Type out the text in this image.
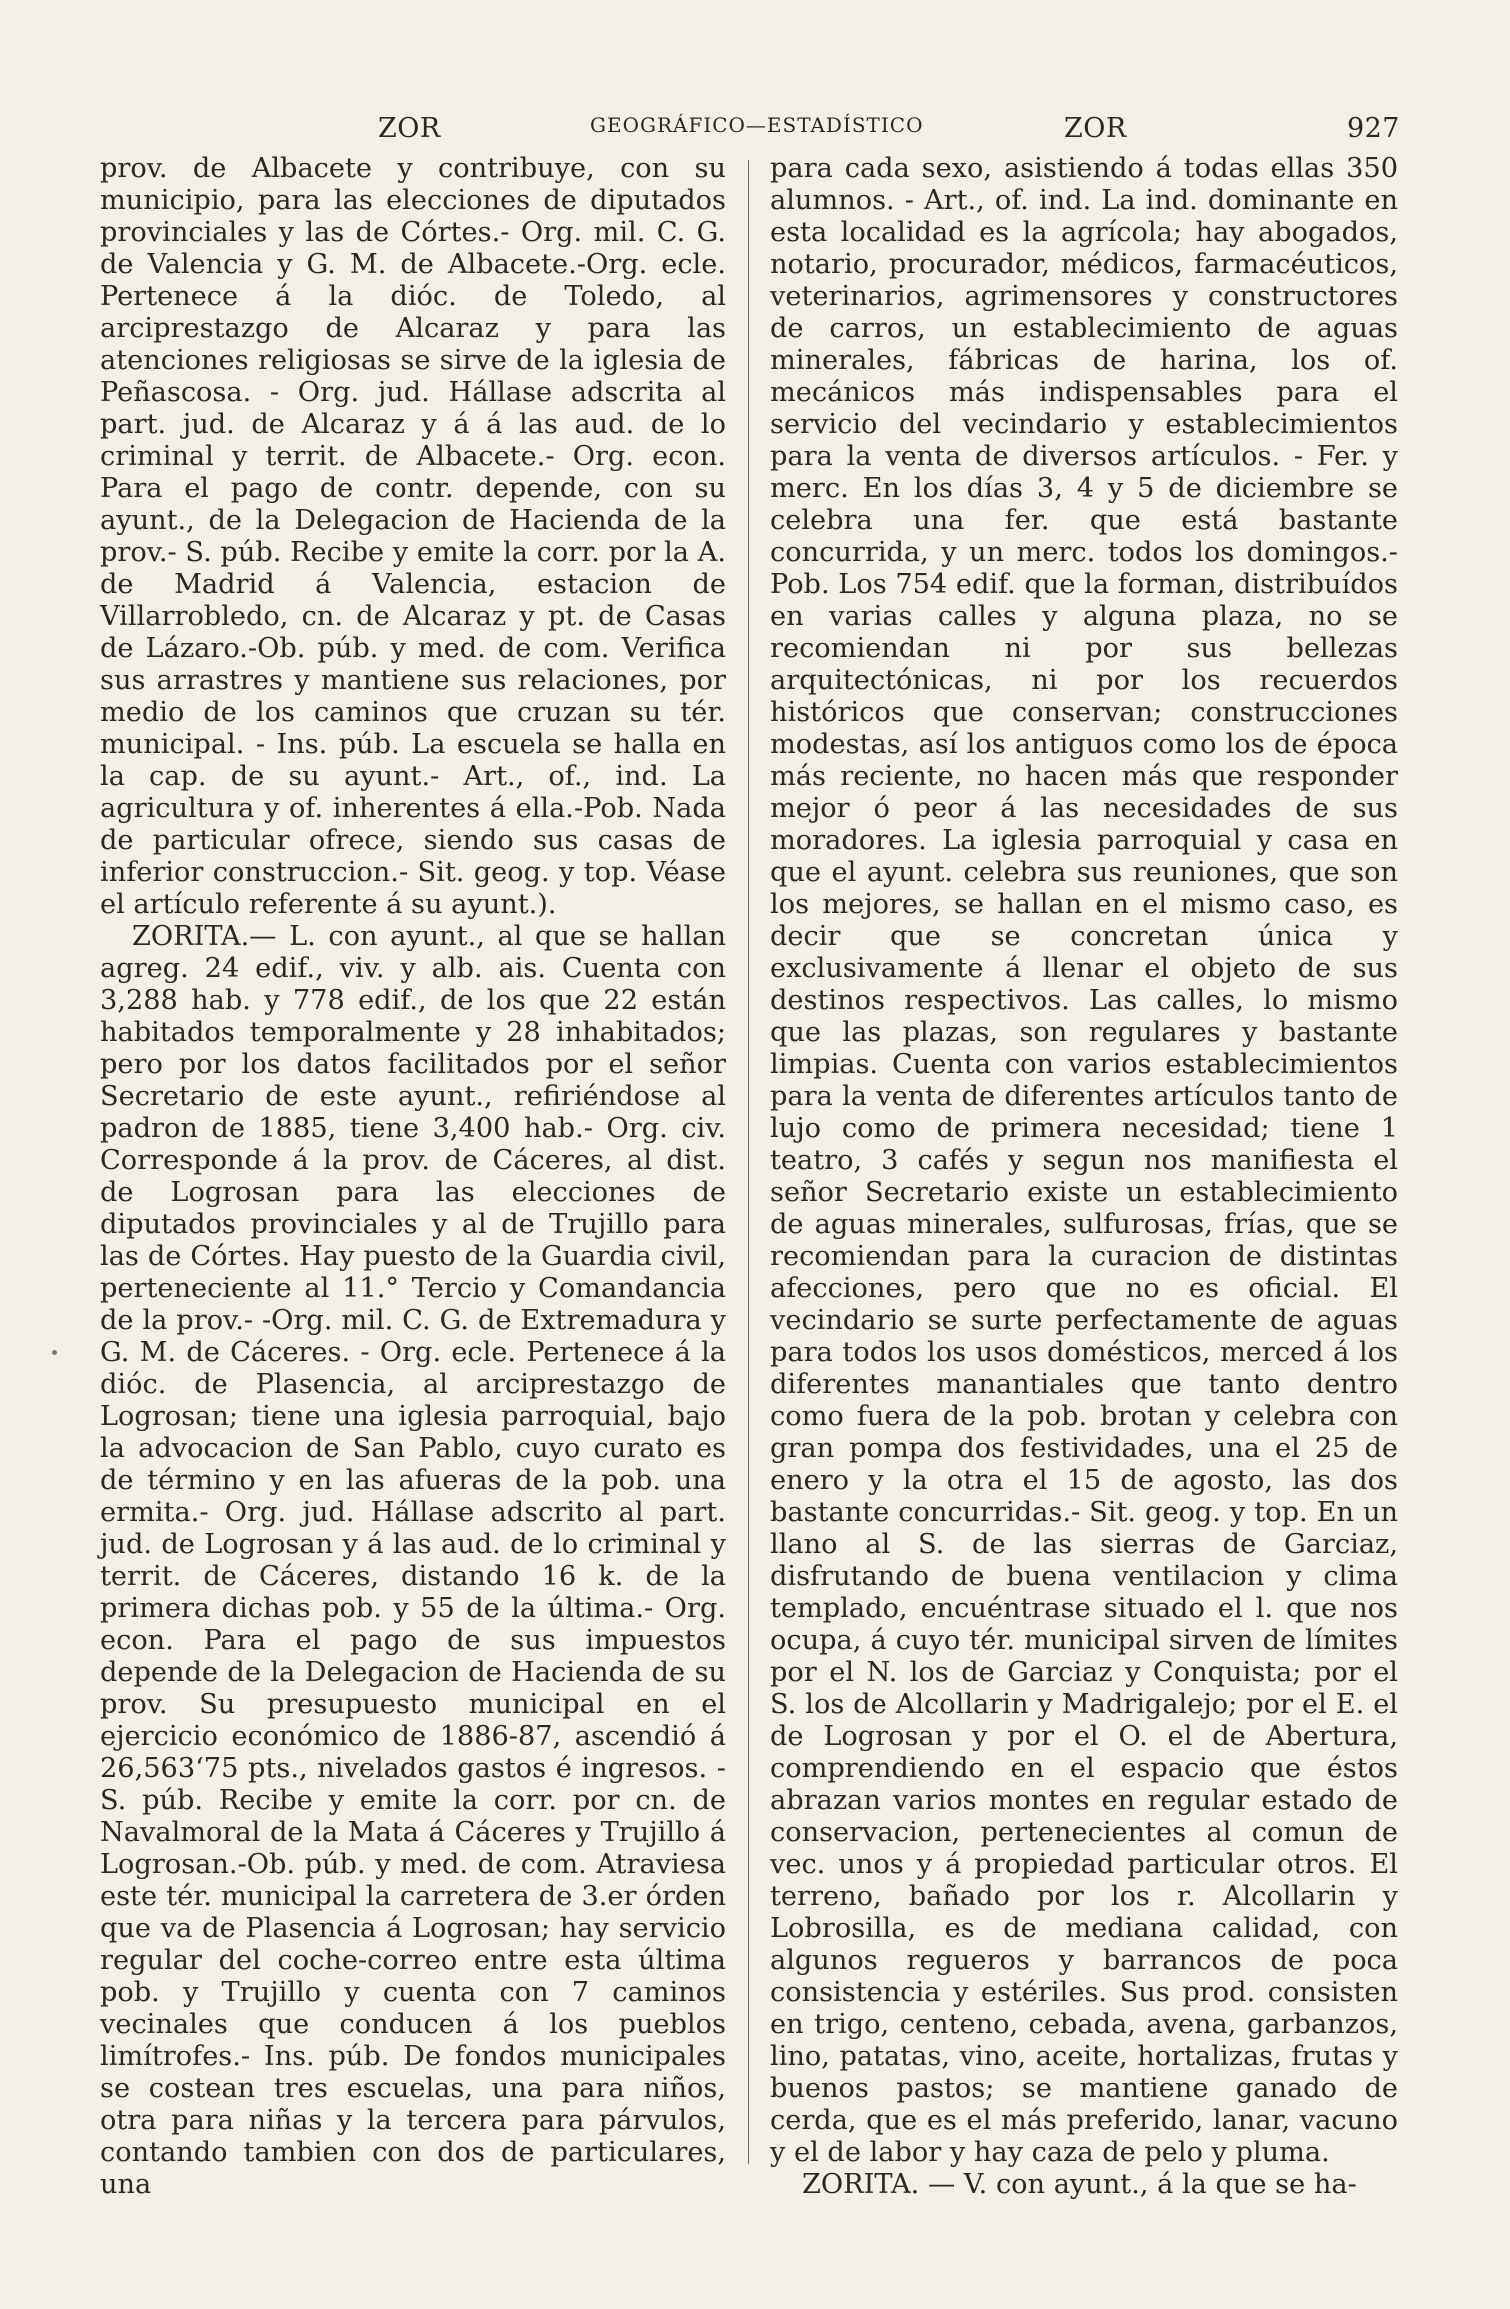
ZOR	GEOGRÁFICO—ESTADÍSTICO	ZOR	927

prov. de Albacete y contribuye, con su municipio, para las elecciones de diputados provinciales y las de Córtes.- Org. mil. C. G. de Valencia y G. M. de Albacete.-Org. ecle. Pertenece á la dióc. de Toledo, al arciprestazgo de Alcaraz y para las atenciones religiosas se sirve de la iglesia de Peñascosa. - Org. jud. Hállase adscrita al part. jud. de Alcaraz y á á las aud. de lo criminal y territ. de Albacete.- Org. econ. Para el pago de contr. depende, con su ayunt., de la Delegacion de Hacienda de la prov.- S. púb. Recibe y emite la corr. por la A. de Madrid á Valencia, estacion de Villarrobledo, cn. de Alcaraz y pt. de Casas de Lázaro.-Ob. púb. y med. de com. Verifica sus arrastres y mantiene sus relaciones, por medio de los caminos que cruzan su tér. municipal. - Ins. púb. La escuela se halla en la cap. de su ayunt.- Art., of., ind. La agricultura y of. inherentes á ella.-Pob. Nada de particular ofrece, siendo sus casas de inferior construccion.- Sit. geog. y top. Véase el artículo referente á su ayunt.).

ZORITA.— L. con ayunt., al que se hallan agreg. 24 edif., viv. y alb. ais. Cuenta con 3,288 hab. y 778 edif., de los que 22 están habitados temporalmente y 28 inhabitados; pero por los datos facilitados por el señor Secretario de este ayunt., refiriéndose al padron de 1885, tiene 3,400 hab.- Org. civ. Corresponde á la prov. de Cáceres, al dist. de Logrosan para las elecciones de diputados provinciales y al de Trujillo para las de Córtes. Hay puesto de la Guardia civil, perteneciente al 11.° Tercio y Comandancia de la prov.- -Org. mil. C. G. de Extremadura y G. M. de Cáceres. - Org. ecle. Pertenece á la dióc. de Plasencia, al arciprestazgo de Logrosan; tiene una iglesia parroquial, bajo la advocacion de San Pablo, cuyo curato es de término y en las afueras de la pob. una ermita.- Org. jud. Hállase adscrito al part. jud. de Logrosan y á las aud. de lo criminal y territ. de Cáceres, distando 16 k. de la primera dichas pob. y 55 de la última.- Org. econ. Para el pago de sus impuestos depende de la Delegacion de Hacienda de su prov. Su presupuesto municipal en el ejercicio económico de 1886-87, ascendió á 26,563‘75 pts., nivelados gastos é ingresos. - S. púb. Recibe y emite la corr. por cn. de Navalmoral de la Mata á Cáceres y Trujillo á Logrosan.-Ob. púb. y med. de com. Atraviesa este tér. municipal la carretera de 3.er órden que va de Plasencia á Logrosan; hay servicio regular del coche-correo entre esta última pob. y Trujillo y cuenta con 7 caminos vecinales que conducen á los pueblos limítrofes.- Ins. púb. De fondos municipales se costean tres escuelas, una para niños, otra para niñas y la tercera para párvulos, contando tambien con dos de particulares, una

para cada sexo, asistiendo á todas ellas 350 alumnos. - Art., of. ind. La ind. dominante en esta localidad es la agrícola; hay abogados, notario, procurador, médicos, farmacéuticos, veterinarios, agrimensores y constructores de carros, un establecimiento de aguas minerales, fábricas de harina, los of. mecánicos más indispensables para el servicio del vecindario y establecimientos para la venta de diversos artículos. - Fer. y merc. En los días 3, 4 y 5 de diciembre se celebra una fer. que está bastante concurrida, y un merc. todos los domingos.-Pob. Los 754 edif. que la forman, distribuídos en varias calles y alguna plaza, no se recomiendan ni por sus bellezas arquitectónicas, ni por los recuerdos históricos que conservan; construcciones modestas, así los antiguos como los de época más reciente, no hacen más que responder mejor ó peor á las necesidades de sus moradores. La iglesia parroquial y casa en que el ayunt. celebra sus reuniones, que son los mejores, se hallan en el mismo caso, es decir que se concretan única y exclusivamente á llenar el objeto de sus destinos respectivos. Las calles, lo mismo que las plazas, son regulares y bastante limpias. Cuenta con varios establecimientos para la venta de diferentes artículos tanto de lujo como de primera necesidad; tiene 1 teatro, 3 cafés y segun nos manifiesta el señor Secretario existe un establecimiento de aguas minerales, sulfurosas, frías, que se recomiendan para la curacion de distintas afecciones, pero que no es oficial. El vecindario se surte perfectamente de aguas para todos los usos domésticos, merced á los diferentes manantiales que tanto dentro como fuera de la pob. brotan y celebra con gran pompa dos festividades, una el 25 de enero y la otra el 15 de agosto, las dos bastante concurridas.- Sit. geog. y top. En un llano al S. de las sierras de Garciaz, disfrutando de buena ventilacion y clima templado, encuéntrase situado el l. que nos ocupa, á cuyo tér. municipal sirven de límites por el N. los de Garciaz y Conquista; por el S. los de Alcollarin y Madrigalejo; por el E. el de Logrosan y por el O. el de Abertura, comprendiendo en el espacio que éstos abrazan varios montes en regular estado de conservacion, pertenecientes al comun de vec. unos y á propiedad particular otros. El terreno, bañado por los r. Alcollarin y Lobrosilla, es de mediana calidad, con algunos regueros y barrancos de poca consistencia y estériles. Sus prod. consisten en trigo, centeno, cebada, avena, garbanzos, lino, patatas, vino, aceite, hortalizas, frutas y buenos pastos; se mantiene ganado de cerda, que es el más preferido, lanar, vacuno y el de labor y hay caza de pelo y pluma.

ZORITA. — V. con ayunt., á la que se ha-
